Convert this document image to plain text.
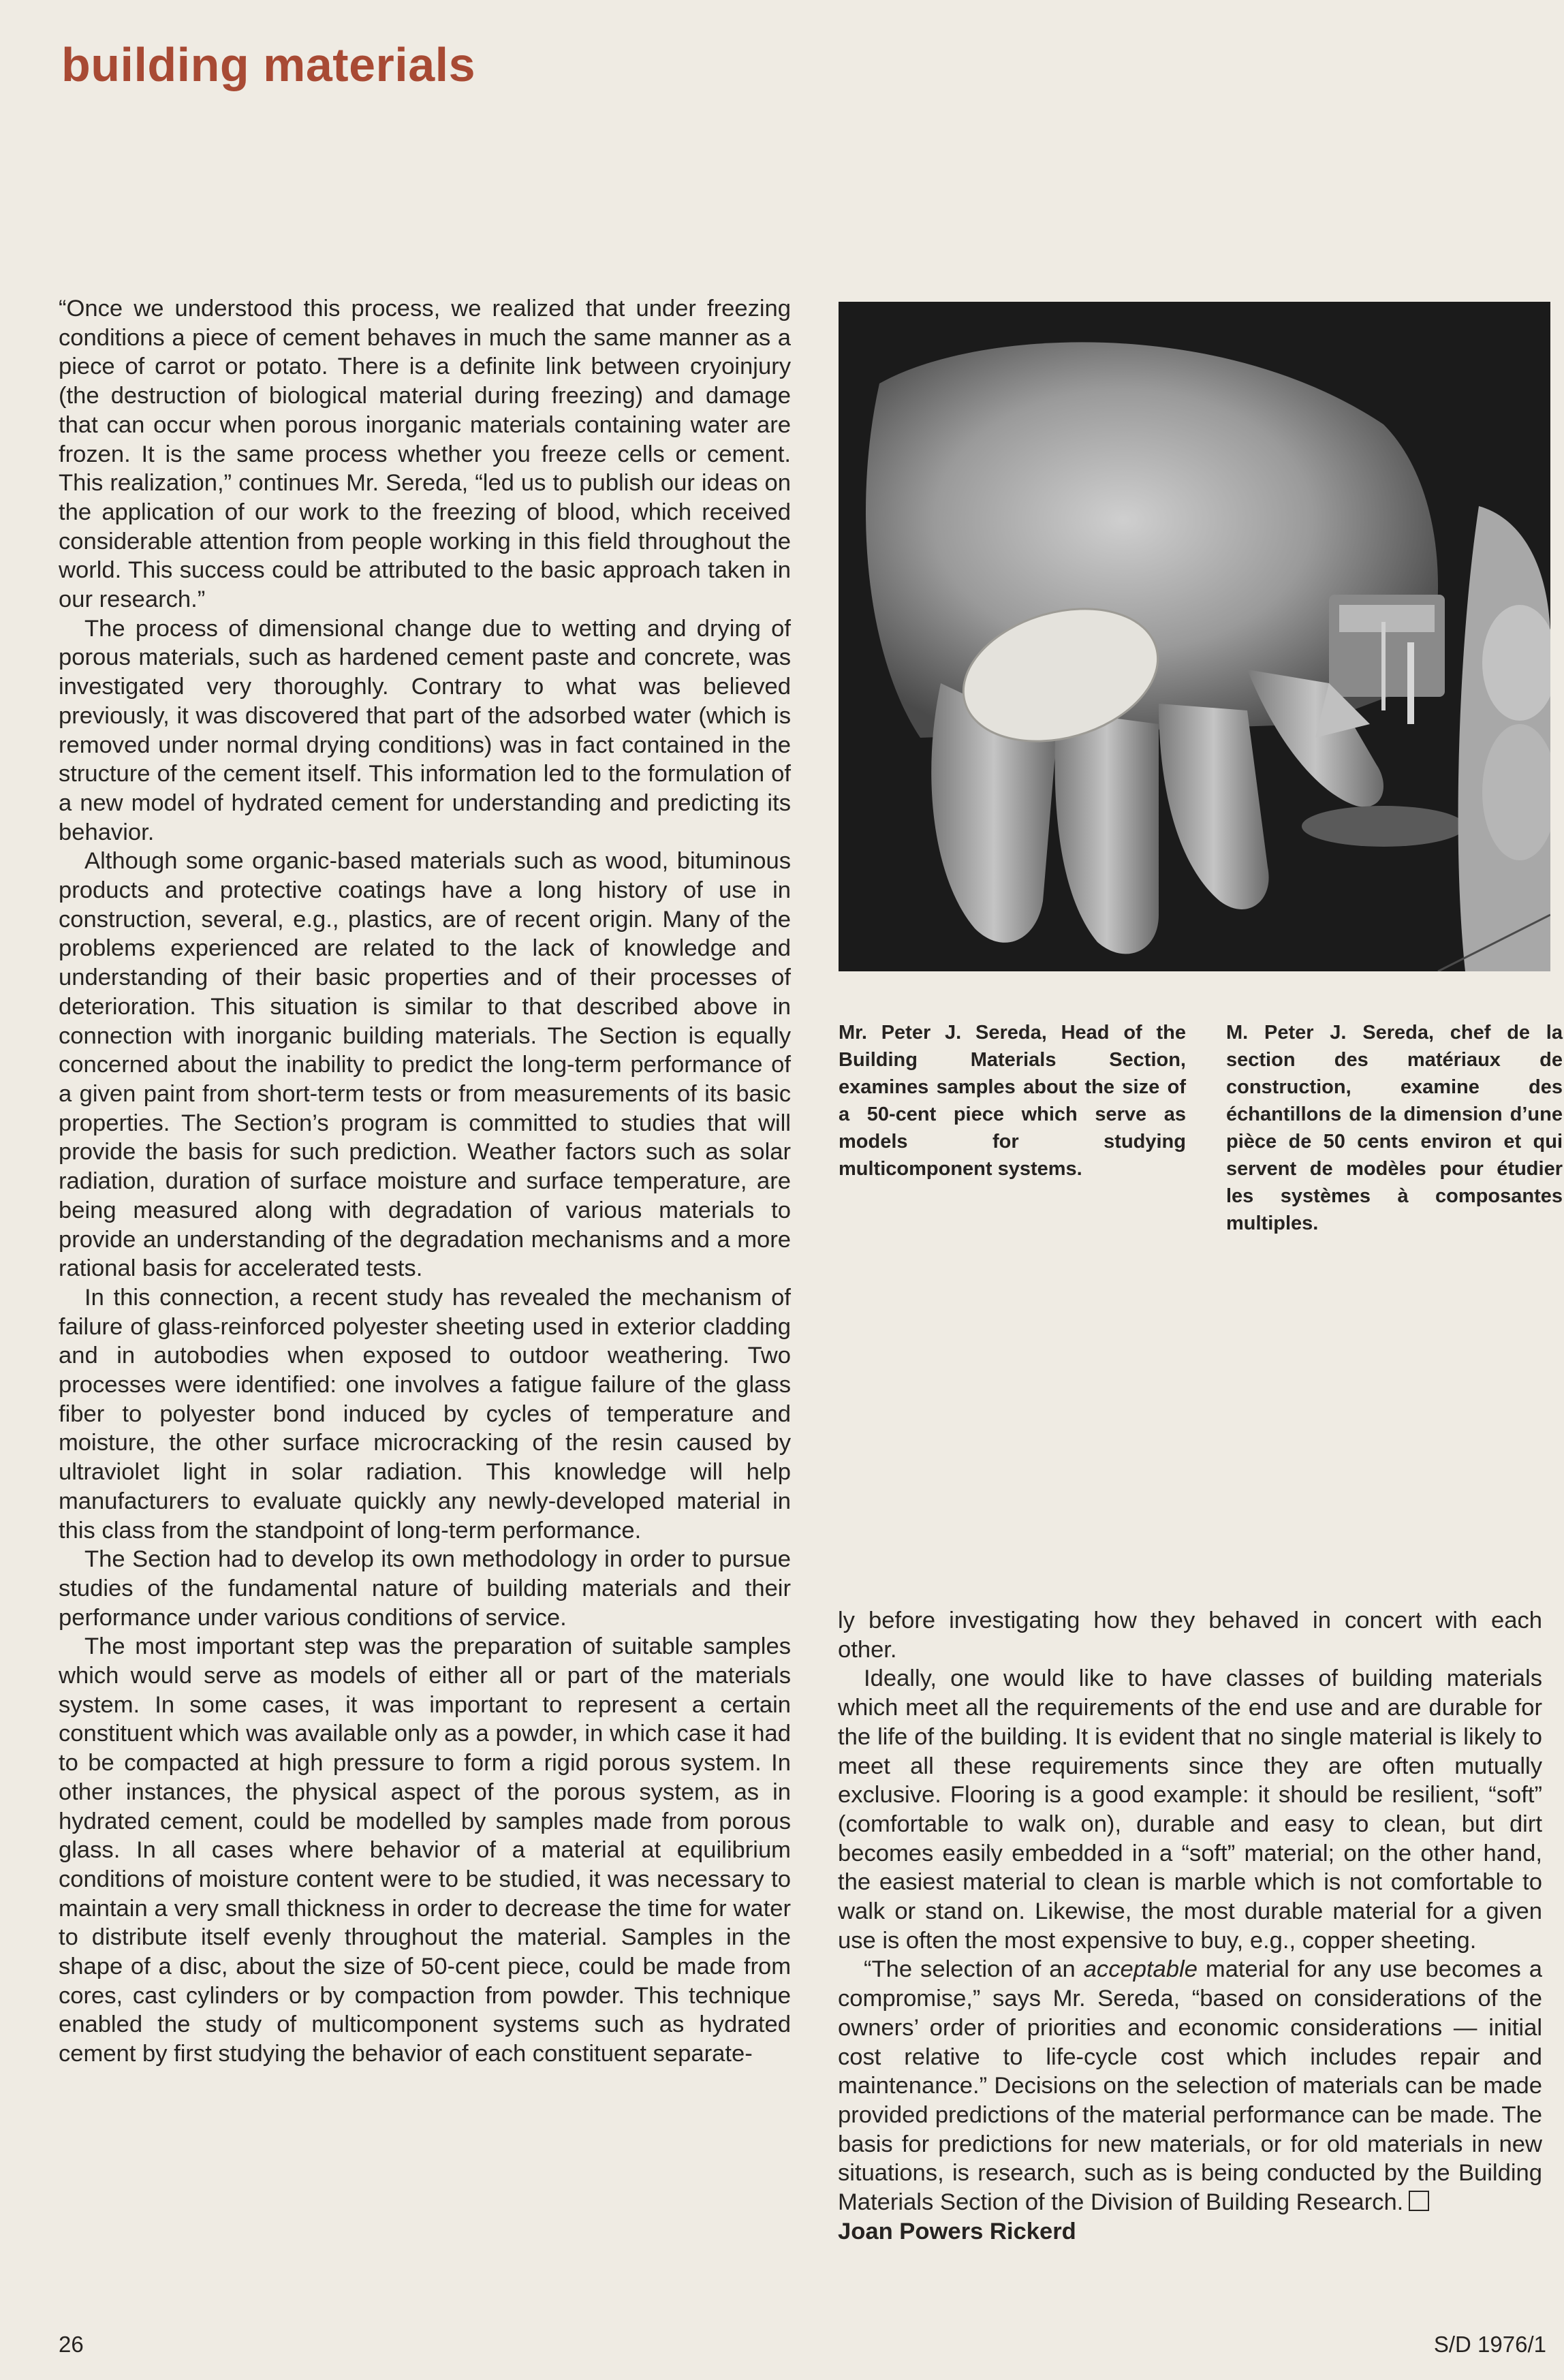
building materials

“Once we understood this process, we realized that under freezing conditions a piece of cement behaves in much the same manner as a piece of carrot or potato. There is a definite link between cryoinjury (the destruction of biological material during freezing) and damage that can occur when porous inorganic materials containing water are frozen. It is the same process whether you freeze cells or cement. This realization,” continues Mr. Sereda, “led us to publish our ideas on the application of our work to the freezing of blood, which received considerable attention from people working in this field throughout the world. This success could be attributed to the basic approach taken in our research.”

The process of dimensional change due to wetting and drying of porous materials, such as hardened cement paste and concrete, was investigated very thoroughly. Contrary to what was believed previously, it was discovered that part of the adsorbed water (which is removed under normal drying conditions) was in fact contained in the structure of the cement itself. This information led to the formulation of a new model of hydrated cement for understanding and predicting its behavior.

Although some organic-based materials such as wood, bituminous products and protective coatings have a long history of use in construction, several, e.g., plastics, are of recent origin. Many of the problems experienced are related to the lack of knowledge and understanding of their basic properties and of their processes of deterioration. This situation is similar to that described above in connection with inorganic building materials. The Section is equally concerned about the inability to predict the long-term performance of a given paint from short-term tests or from measurements of its basic properties. The Section’s program is committed to studies that will provide the basis for such prediction. Weather factors such as solar radiation, duration of surface moisture and surface temperature, are being measured along with degradation of various materials to provide an understanding of the degradation mechanisms and a more rational basis for accelerated tests.

In this connection, a recent study has revealed the mechanism of failure of glass-reinforced polyester sheeting used in exterior cladding and in autobodies when exposed to outdoor weathering. Two processes were identified: one involves a fatigue failure of the glass fiber to polyester bond induced by cycles of temperature and moisture, the other surface microcracking of the resin caused by ultraviolet light in solar radiation. This knowledge will help manufacturers to evaluate quickly any newly-developed material in this class from the standpoint of long-term performance.

The Section had to develop its own methodology in order to pursue studies of the fundamental nature of building materials and their performance under various conditions of service.

The most important step was the preparation of suitable samples which would serve as models of either all or part of the materials system. In some cases, it was important to represent a certain constituent which was available only as a powder, in which case it had to be compacted at high pressure to form a rigid porous system. In other instances, the physical aspect of the porous system, as in hydrated cement, could be modelled by samples made from porous glass. In all cases where behavior of a material at equilibrium conditions of moisture content were to be studied, it was necessary to maintain a very small thickness in order to decrease the time for water to distribute itself evenly throughout the material. Samples in the shape of a disc, about the size of 50-cent piece, could be made from cores, cast cylinders or by compaction from powder. This technique enabled the study of multicomponent systems such as hydrated cement by first studying the behavior of each constituent separate-

Mr. Peter J. Sereda, Head of the Building Materials Section, examines samples about the size of a 50-cent piece which serve as models for studying multicomponent systems.
M. Peter J. Sereda, chef de la section des matériaux de construction, examine des échantillons de la dimension d’une pièce de 50 cents environ et qui servent de modèles pour étudier les systèmes à composantes multiples.

ly before investigating how they behaved in concert with each other.

Ideally, one would like to have classes of building materials which meet all the requirements of the end use and are durable for the life of the building. It is evident that no single material is likely to meet all these requirements since they are often mutually exclusive. Flooring is a good example: it should be resilient, “soft” (comfortable to walk on), durable and easy to clean, but dirt becomes easily embedded in a “soft” material; on the other hand, the easiest material to clean is marble which is not comfortable to walk or stand on. Likewise, the most durable material for a given use is often the most expensive to buy, e.g., copper sheeting.

“The selection of an acceptable material for any use becomes a compromise,” says Mr. Sereda, “based on considerations of the owners’ order of priorities and economic considerations — initial cost relative to life-cycle cost which includes repair and maintenance.” Decisions on the selection of materials can be made provided predictions of the material performance can be made. The basis for predictions for new materials, or for old materials in new situations, is research, such as is being conducted by the Building Materials Section of the Division of Building Research.

Joan Powers Rickerd

26	S/D 1976/1
